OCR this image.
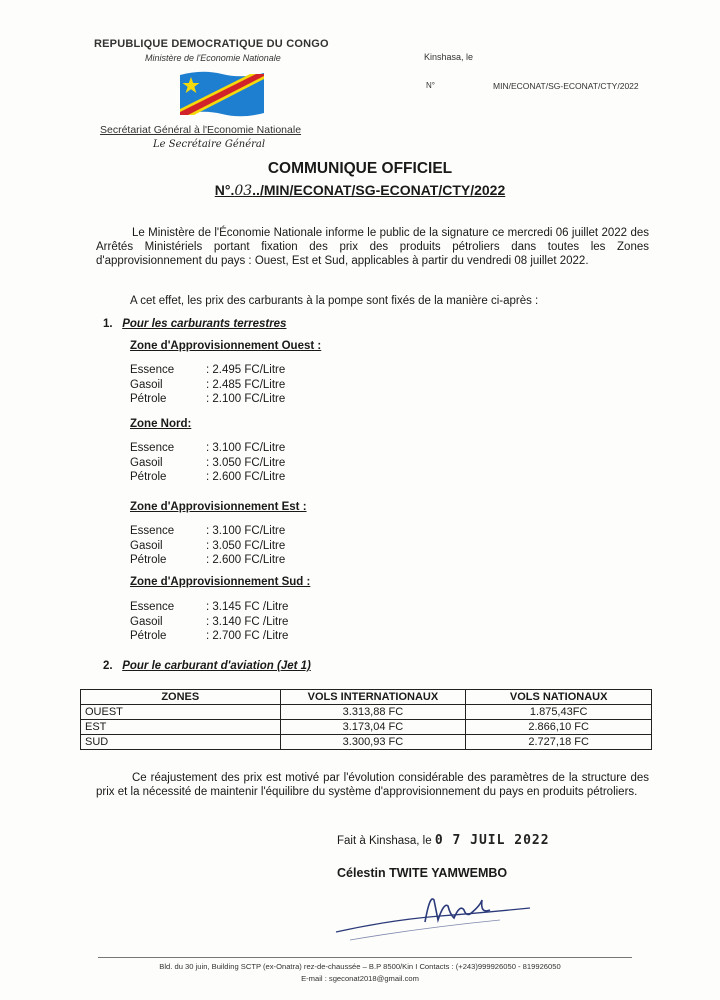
REPUBLIQUE DEMOCRATIQUE DU CONGO
Ministère de l'Economie Nationale
Secrétariat Général à l'Economie Nationale
Le Secrétaire Général
Kinshasa, le
N°	MIN/ECONAT/SG-ECONAT/CTY/2022
COMMUNIQUE OFFICIEL
N°.03../MIN/ECONAT/SG-ECONAT/CTY/2022
Le Ministère de l'Économie Nationale informe le public de la signature ce mercredi 06 juillet 2022 des Arrêtés Ministériels portant fixation des prix des produits pétroliers dans toutes les Zones d'approvisionnement du pays : Ouest, Est et Sud, applicables à partir du vendredi 08 juillet 2022.
A cet effet, les prix des carburants à la pompe sont fixés de la manière ci-après :
1. Pour les carburants terrestres
Zone d'Approvisionnement Ouest :
Essence	: 2.495 FC/Litre
Gasoil	: 2.485 FC/Litre
Pétrole	: 2.100 FC/Litre
Zone Nord:
Essence	: 3.100 FC/Litre
Gasoil	: 3.050 FC/Litre
Pétrole	: 2.600 FC/Litre
Zone d'Approvisionnement Est :
Essence	: 3.100 FC/Litre
Gasoil	: 3.050 FC/Litre
Pétrole	: 2.600 FC/Litre
Zone d'Approvisionnement Sud :
Essence	: 3.145 FC /Litre
Gasoil	: 3.140 FC /Litre
Pétrole	: 2.700 FC /Litre
2. Pour le carburant d'aviation (Jet 1)
ZONES	VOLS INTERNATIONAUX	VOLS NATIONAUX
OUEST	3.313,88 FC	1.875,43FC
EST	3.173,04 FC	2.866,10 FC
SUD	3.300,93 FC	2.727,18 FC
Ce réajustement des prix est motivé par l'évolution considérable des paramètres de la structure des prix et la nécessité de maintenir l'équilibre du système d'approvisionnement du pays en produits pétroliers.
Fait à Kinshasa, le 0 7 JUIL 2022
Célestin TWITE YAMWEMBO
Bld. du 30 juin, Building SCTP (ex-Onatra) rez-de-chaussée – B.P 8500/Kin I Contacts : (+243)999926050 - 819926050
E-mail : sgeconat2018@gmail.com
